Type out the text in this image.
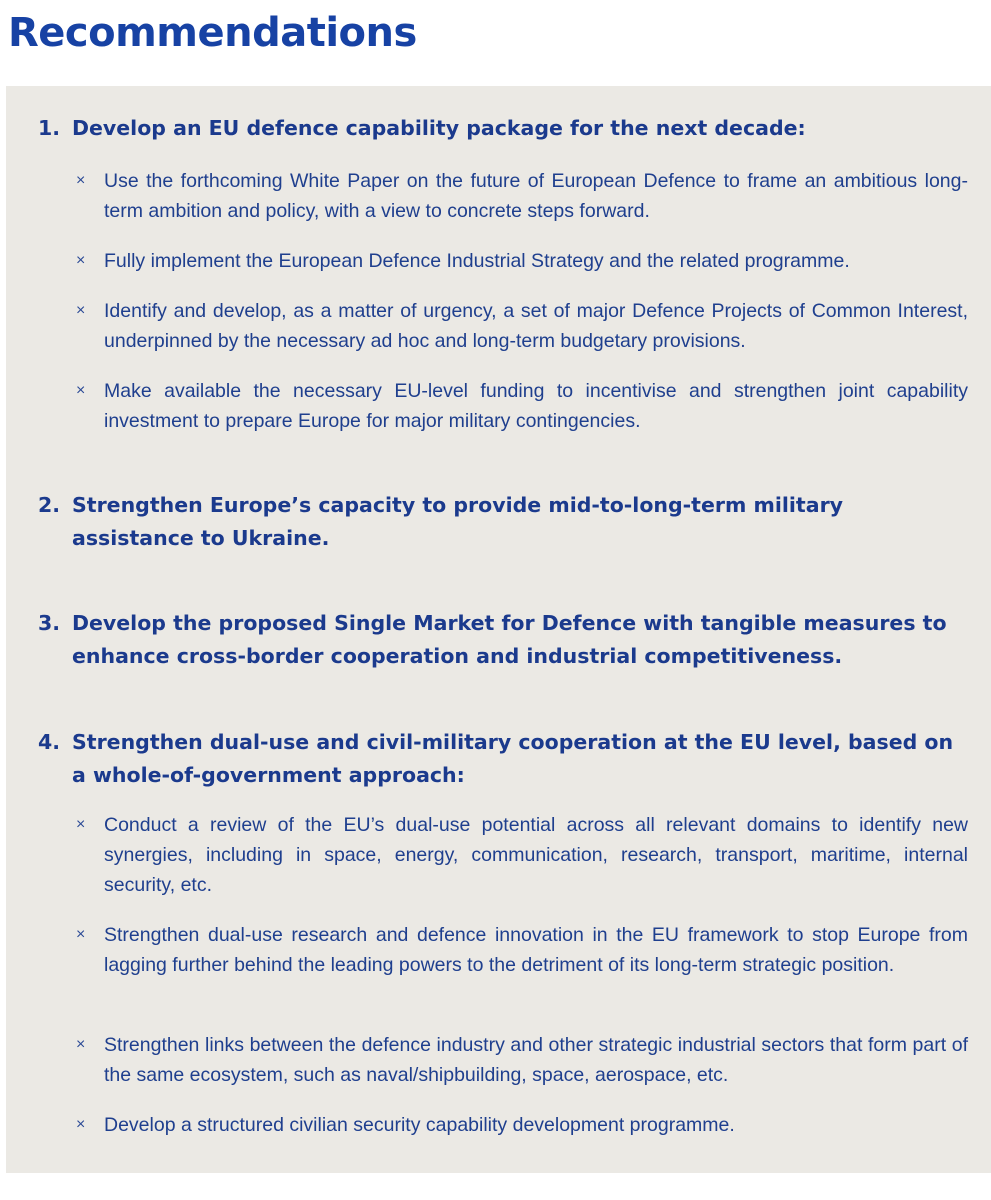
Recommendations
1. Develop an EU defence capability package for the next decade:
× Use the forthcoming White Paper on the future of European Defence to frame an ambitious long-term ambition and policy, with a view to concrete steps forward.
× Fully implement the European Defence Industrial Strategy and the related programme.
× Identify and develop, as a matter of urgency, a set of major Defence Projects of Common Interest, underpinned by the necessary ad hoc and long-term budgetary provisions.
× Make available the necessary EU-level funding to incentivise and strengthen joint capability investment to prepare Europe for major military contingencies.
2. Strengthen Europe’s capacity to provide mid-to-long-term military assistance to Ukraine.
3. Develop the proposed Single Market for Defence with tangible measures to enhance cross-border cooperation and industrial competitiveness.
4. Strengthen dual-use and civil-military cooperation at the EU level, based on a whole-of-government approach:
× Conduct a review of the EU’s dual-use potential across all relevant domains to identify new synergies, including in space, energy, communication, research, transport, maritime, internal security, etc.
× Strengthen dual-use research and defence innovation in the EU framework to stop Europe from lagging further behind the leading powers to the detriment of its long-term strategic position.
× Strengthen links between the defence industry and other strategic industrial sectors that form part of the same ecosystem, such as naval/shipbuilding, space, aerospace, etc.
× Develop a structured civilian security capability development programme.
